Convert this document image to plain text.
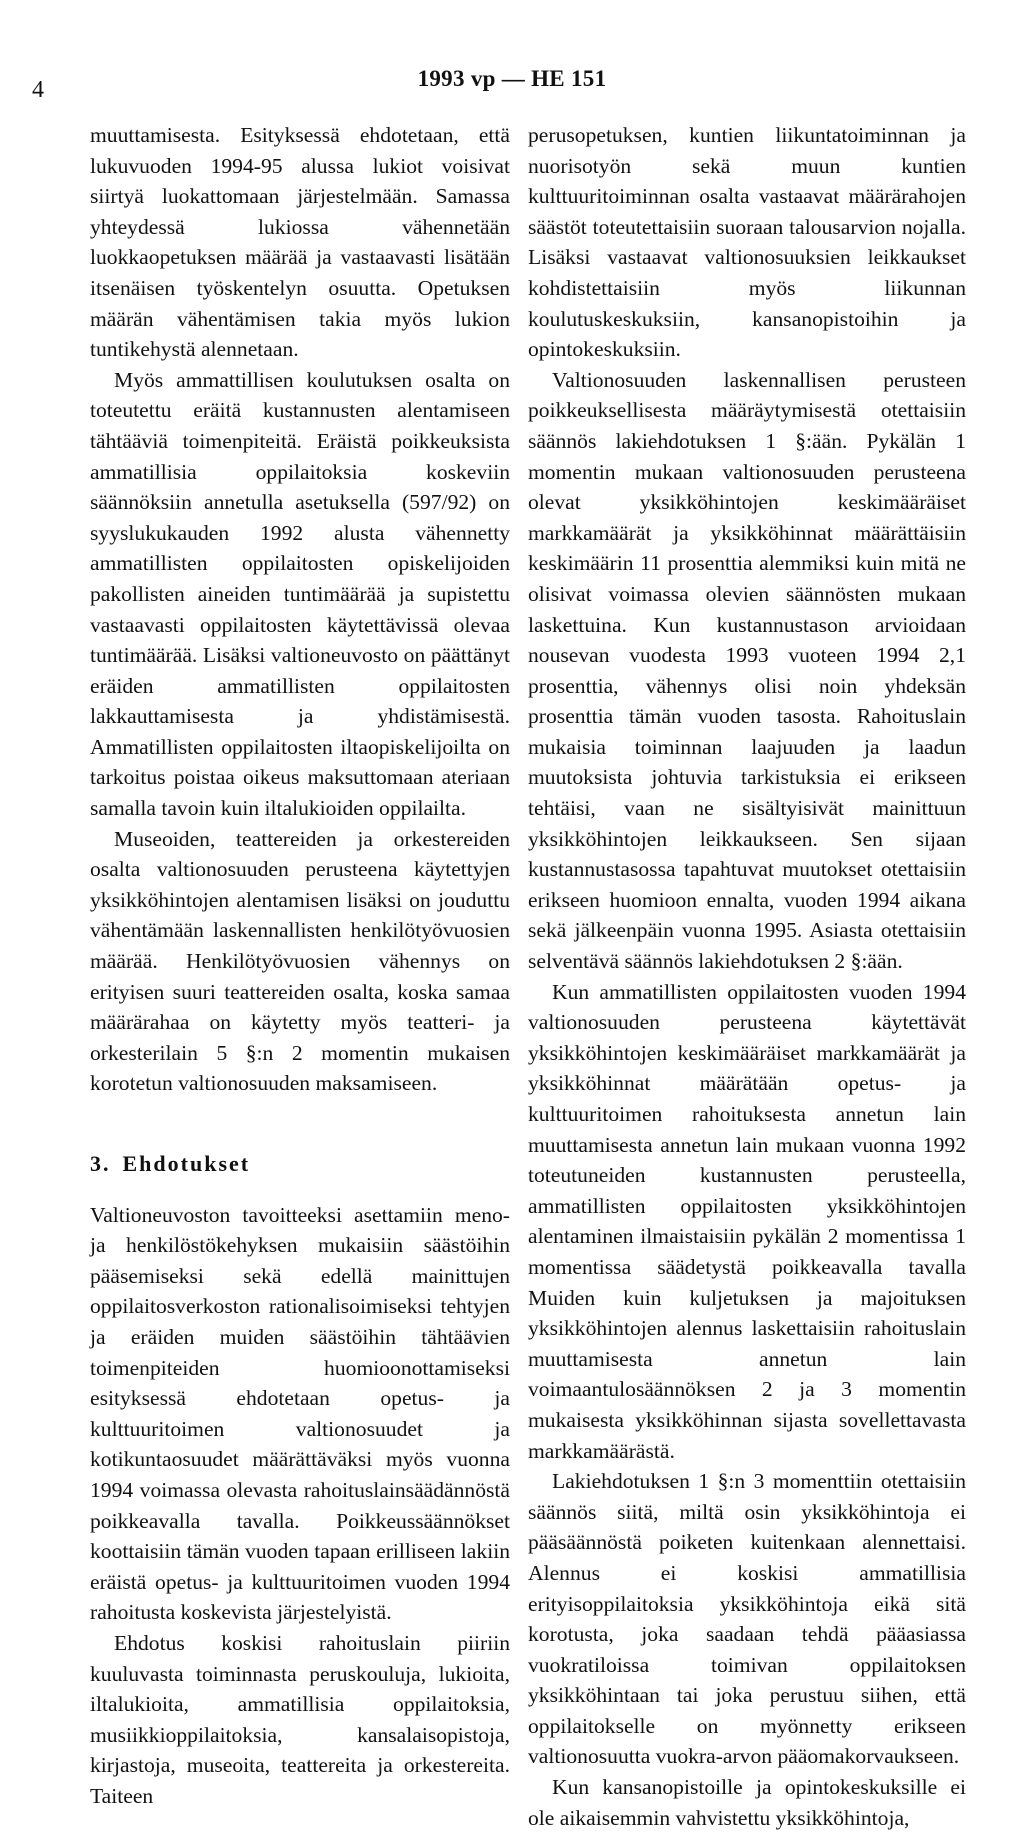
4	1993 vp — HE 151

muuttamisesta. Esityksessä ehdotetaan, että lukuvuoden 1994-95 alussa lukiot voisivat siirtyä luokattomaan järjestelmään. Samassa yhteydessä lukiossa vähennetään luokkaopetuksen määrää ja vastaavasti lisätään itsenäisen työskentelyn osuutta. Opetuksen määrän vähentämisen takia myös lukion tuntikehystä alennetaan.

Myös ammattillisen koulutuksen osalta on toteutettu eräitä kustannusten alentamiseen tähtääviä toimenpiteitä. Eräistä poikkeuksista ammatillisia oppilaitoksia koskeviin säännöksiin annetulla asetuksella (597/92) on syyslukukauden 1992 alusta vähennetty ammatillisten oppilaitosten opiskelijoiden pakollisten aineiden tuntimäärää ja supistettu vastaavasti oppilaitosten käytettävissä olevaa tuntimäärää. Lisäksi valtioneuvosto on päättänyt eräiden ammatillisten oppilaitosten lakkauttamisesta ja yhdistämisestä. Ammatillisten oppilaitosten iltaopiskelijoilta on tarkoitus poistaa oikeus maksuttomaan ateriaan samalla tavoin kuin iltalukioiden oppilailta.

Museoiden, teattereiden ja orkestereiden osalta valtionosuuden perusteena käytettyjen yksikköhintojen alentamisen lisäksi on jouduttu vähentämään laskennallisten henkilötyövuosien määrää. Henkilötyövuosien vähennys on erityisen suuri teattereiden osalta, koska samaa määrärahaa on käytetty myös teatteri- ja orkesterilain 5 §:n 2 momentin mukaisen korotetun valtionosuuden maksamiseen.

3. Ehdotukset

Valtioneuvoston tavoitteeksi asettamiin meno- ja henkilöstökehyksen mukaisiin säästöihin pääsemiseksi sekä edellä mainittujen oppilaitosverkoston rationalisoimiseksi tehtyjen ja eräiden muiden säästöihin tähtäävien toimenpiteiden huomioonottamiseksi esityksessä ehdotetaan opetus- ja kulttuuritoimen valtionosuudet ja kotikuntaosuudet määrättäväksi myös vuonna 1994 voimassa olevasta rahoituslainsäädännöstä poikkeavalla tavalla. Poikkeussäännökset koottaisiin tämän vuoden tapaan erilliseen lakiin eräistä opetus- ja kulttuuritoimen vuoden 1994 rahoitusta koskevista järjestelyistä.

Ehdotus koskisi rahoituslain piiriin kuuluvasta toiminnasta peruskouluja, lukioita, iltalukioita, ammatillisia oppilaitoksia, musiikkioppilaitoksia, kansalaisopistoja, kirjastoja, museoita, teattereita ja orkestereita. Taiteen

perusopetuksen, kuntien liikuntatoiminnan ja nuorisotyön sekä muun kuntien kulttuuritoiminnan osalta vastaavat määrärahojen säästöt toteutettaisiin suoraan talousarvion nojalla. Lisäksi vastaavat valtionosuuksien leikkaukset kohdistettaisiin myös liikunnan koulutuskeskuksiin, kansanopistoihin ja opintokeskuksiin.

Valtionosuuden laskennallisen perusteen poikkeuksellisesta määräytymisestä otettaisiin säännös lakiehdotuksen 1 §:ään. Pykälän 1 momentin mukaan valtionosuuden perusteena olevat yksikköhintojen keskimääräiset markkamäärät ja yksikköhinnat määrättäisiin keskimäärin 11 prosenttia alemmiksi kuin mitä ne olisivat voimassa olevien säännösten mukaan laskettuina. Kun kustannustason arvioidaan nousevan vuodesta 1993 vuoteen 1994 2,1 prosenttia, vähennys olisi noin yhdeksän prosenttia tämän vuoden tasosta. Rahoituslain mukaisia toiminnan laajuuden ja laadun muutoksista johtuvia tarkistuksia ei erikseen tehtäisi, vaan ne sisältyisivät mainittuun yksikköhintojen leikkaukseen. Sen sijaan kustannustasossa tapahtuvat muutokset otettaisiin erikseen huomioon ennalta, vuoden 1994 aikana sekä jälkeenpäin vuonna 1995. Asiasta otettaisiin selventävä säännös lakiehdotuksen 2 §:ään.

Kun ammatillisten oppilaitosten vuoden 1994 valtionosuuden perusteena käytettävät yksikköhintojen keskimääräiset markkamäärät ja yksikköhinnat määrätään opetus- ja kulttuuritoimen rahoituksesta annetun lain muuttamisesta annetun lain mukaan vuonna 1992 toteutuneiden kustannusten perusteella, ammatillisten oppilaitosten yksikköhintojen alentaminen ilmaistaisiin pykälän 2 momentissa 1 momentissa säädetystä poikkeavalla tavalla Muiden kuin kuljetuksen ja majoituksen yksikköhintojen alennus laskettaisiin rahoituslain muuttamisesta annetun lain voimaantulosäännöksen 2 ja 3 momentin mukaisesta yksikköhinnan sijasta sovellettavasta markkamäärästä.

Lakiehdotuksen 1 §:n 3 momenttiin otettaisiin säännös siitä, miltä osin yksikköhintoja ei pääsäännöstä poiketen kuitenkaan alennettaisi. Alennus ei koskisi ammatillisia erityisoppilaitoksia yksikköhintoja eikä sitä korotusta, joka saadaan tehdä pääasiassa vuokratiloissa toimivan oppilaitoksen yksikköhintaan tai joka perustuu siihen, että oppilaitokselle on myönnetty erikseen valtionosuutta vuokra-arvon pääomakorvaukseen.

Kun kansanopistoille ja opintokeskuksille ei ole aikaisemmin vahvistettu yksikköhintoja,
